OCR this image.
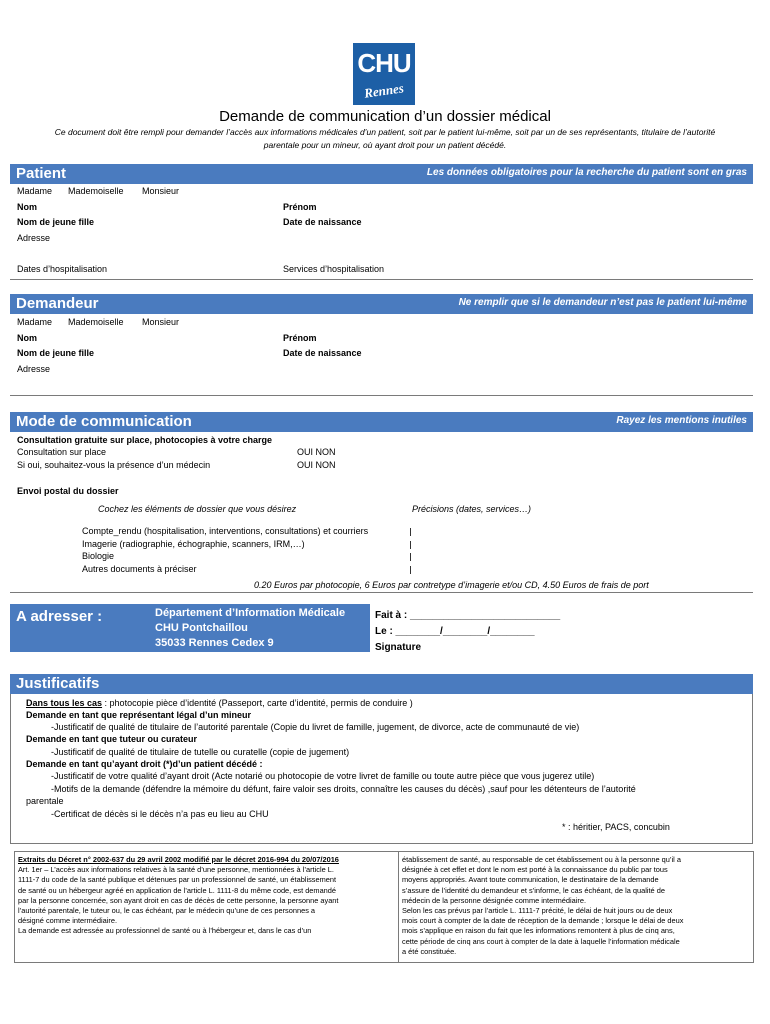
CHU
Rennes
Demande de communication d’un dossier médical
Ce document doit être rempli pour demander l’accès aux informations médicales d’un patient, soit par le patient lui-même, soit par un de ses représentants, titulaire de l’autorité
parentale pour un mineur, où ayant droit pour un patient décédé.
Patient	Les données obligatoires pour la recherche du patient sont en gras
Madame Mademoiselle Monsieur
Nom	Prénom
Nom de jeune fille	Date de naissance
Adresse
Dates d’hospitalisation	Services d’hospitalisation
Demandeur	Ne remplir que si le demandeur n’est pas le patient lui-même
Madame Mademoiselle Monsieur
Nom	Prénom
Nom de jeune fille	Date de naissance
Adresse
Mode de communication	Rayez les mentions inutiles
Consultation gratuite sur place, photocopies à votre charge
Consultation sur place	OUI NON
Si oui, souhaitez-vous la présence d’un médecin	OUI NON
Envoi postal du dossier
Cochez les éléments de dossier que vous désirez	Précisions (dates, services…)
Compte_rendu (hospitalisation, interventions, consultations) et courriers
Imagerie (radiographie, échographie, scanners, IRM,…)
Biologie
Autres documents à préciser
0.20 Euros par photocopie, 6 Euros par contretype d’imagerie et/ou CD, 4.50 Euros de frais de port
A adresser :	Département d’Information Médicale
CHU Pontchaillou
35033 Rennes Cedex 9
Fait à : ___________________________
Le : ________/________/________
Signature
Justificatifs
Dans tous les cas : photocopie pièce d’identité (Passeport, carte d’identité, permis de conduire )
Demande en tant que représentant légal d’un mineur
-Justificatif de qualité de titulaire de l’autorité parentale (Copie du livret de famille, jugement, de divorce, acte de communauté de vie)
Demande en tant que tuteur ou curateur
-Justificatif de qualité de titulaire de tutelle ou curatelle (copie de jugement)
Demande en tant qu’ayant droit (*)d’un patient décédé :
-Justificatif de votre qualité d’ayant droit (Acte notarié ou photocopie de votre livret de famille ou toute autre pièce que vous jugerez utile)
-Motifs de la demande (défendre la mémoire du défunt, faire valoir ses droits, connaître les causes du décès) ,sauf pour les détenteurs de l’autorité
parentale
-Certificat de décès si le décès n’a pas eu lieu au CHU
* : héritier, PACS, concubin

Extraits du Décret n° 2002-637 du 29 avril 2002 modifié par le décret 2016-994 du 20/07/2016

Art. 1er – L’accès aux informations relatives à la santé d’une personne, mentionnées à l’article L.

1111-7 du code de la santé publique et détenues par un professionnel de santé, un établissement

de santé ou un hébergeur agréé en application de l’article L. 1111-8 du même code, est demandé

par la personne concernée, son ayant droit en cas de décès de cette personne, la personne ayant

l’autorité parentale, le tuteur ou, le cas échéant, par le médecin qu’une de ces personnes a

désigné comme intermédiaire.

La demande est adressée au professionnel de santé ou à l’hébergeur et, dans le cas d’un

établissement de santé, au responsable de cet établissement ou à la personne qu’il a

désignée à cet effet et dont le nom est porté à la connaissance du public par tous

moyens appropriés. Avant toute communication, le destinataire de la demande

s’assure de l’identité du demandeur et s’informe, le cas échéant, de la qualité de

médecin de la personne désignée comme intermédiaire.

Selon les cas prévus par l’article L. 1111-7 précité, le délai de huit jours ou de deux

mois court à compter de la date de réception de la demande ; lorsque le délai de deux

mois s’applique en raison du fait que les informations remontent à plus de cinq ans,

cette période de cinq ans court à compter de la date à laquelle l’information médicale

a été constituée.
